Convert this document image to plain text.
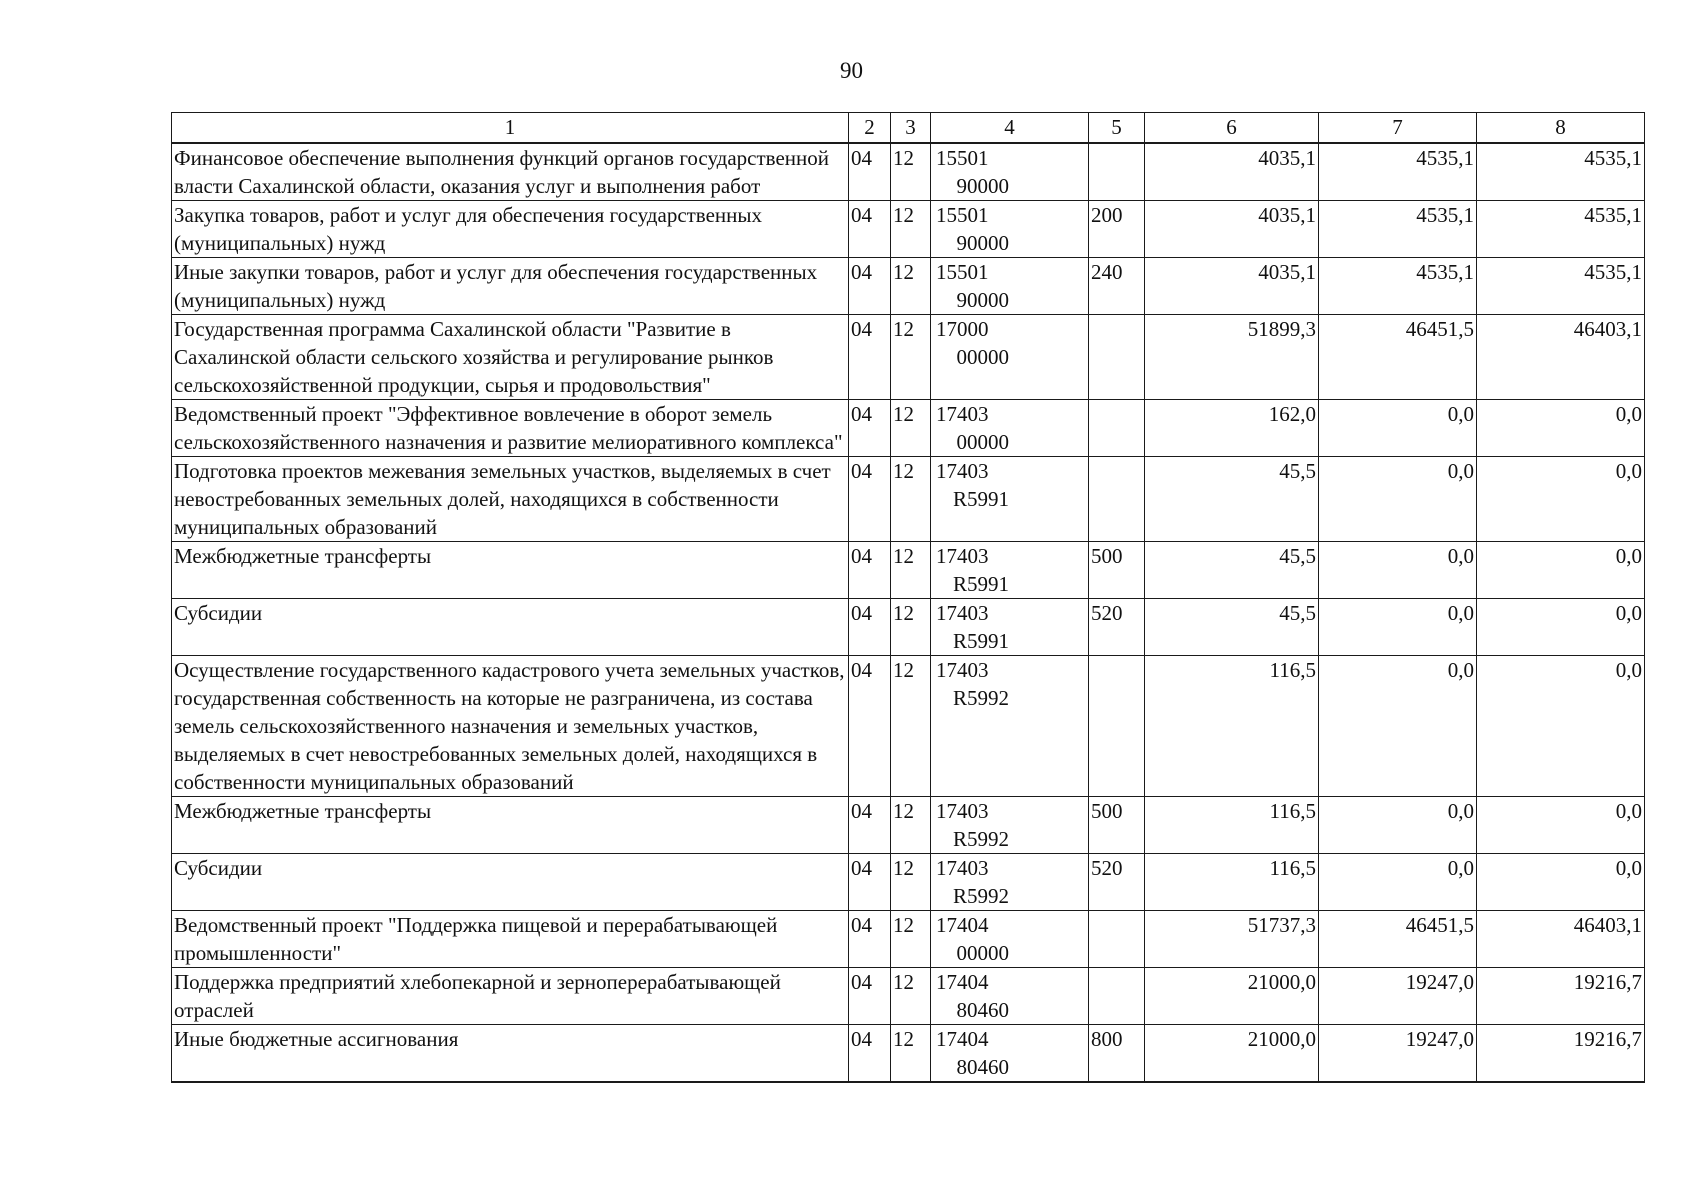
90
1	2	3	4	5	6	7	8
Финансовое обеспечение выполнения функций органов государственной власти Сахалинской области, оказания услуг и выполнения работ	04	12	1550190000		4035,1	4535,1	4535,1
Закупка товаров, работ и услуг для обеспечения государственных (муниципальных) нужд	04	12	1550190000	200	4035,1	4535,1	4535,1
Иные закупки товаров, работ и услуг для обеспечения государственных (муниципальных) нужд	04	12	1550190000	240	4035,1	4535,1	4535,1
Государственная программа Сахалинской области "Развитие в Сахалинской области сельского хозяйства и регулирование рынков сельскохозяйственной продукции, сырья и продовольствия"	04	12	1700000000		51899,3	46451,5	46403,1
Ведомственный проект "Эффективное вовлечение в оборот земель сельскохозяйственного назначения и развитие мелиоративного комплекса"	04	12	1740300000		162,0	0,0	0,0
Подготовка проектов межевания земельных участков, выделяемых в счет невостребованных земельных долей, находящихся в собственности муниципальных образований	04	12	17403R5991		45,5	0,0	0,0
Межбюджетные трансферты	04	12	17403R5991	500	45,5	0,0	0,0
Субсидии	04	12	17403R5991	520	45,5	0,0	0,0
Осуществление государственного кадастрового учета земельных участков, государственная собственность на которые не разграничена, из состава земель сельскохозяйственного назначения и земельных участков, выделяемых в счет невостребованных земельных долей, находящихся в собственности муниципальных образований	04	12	17403R5992		116,5	0,0	0,0
Межбюджетные трансферты	04	12	17403R5992	500	116,5	0,0	0,0
Субсидии	04	12	17403R5992	520	116,5	0,0	0,0
Ведомственный проект "Поддержка пищевой и перерабатывающей промышленности"	04	12	1740400000		51737,3	46451,5	46403,1
Поддержка предприятий хлебопекарной и зерноперерабатывающей отраслей	04	12	1740480460		21000,0	19247,0	19216,7
Иные бюджетные ассигнования	04	12	1740480460	800	21000,0	19247,0	19216,7
